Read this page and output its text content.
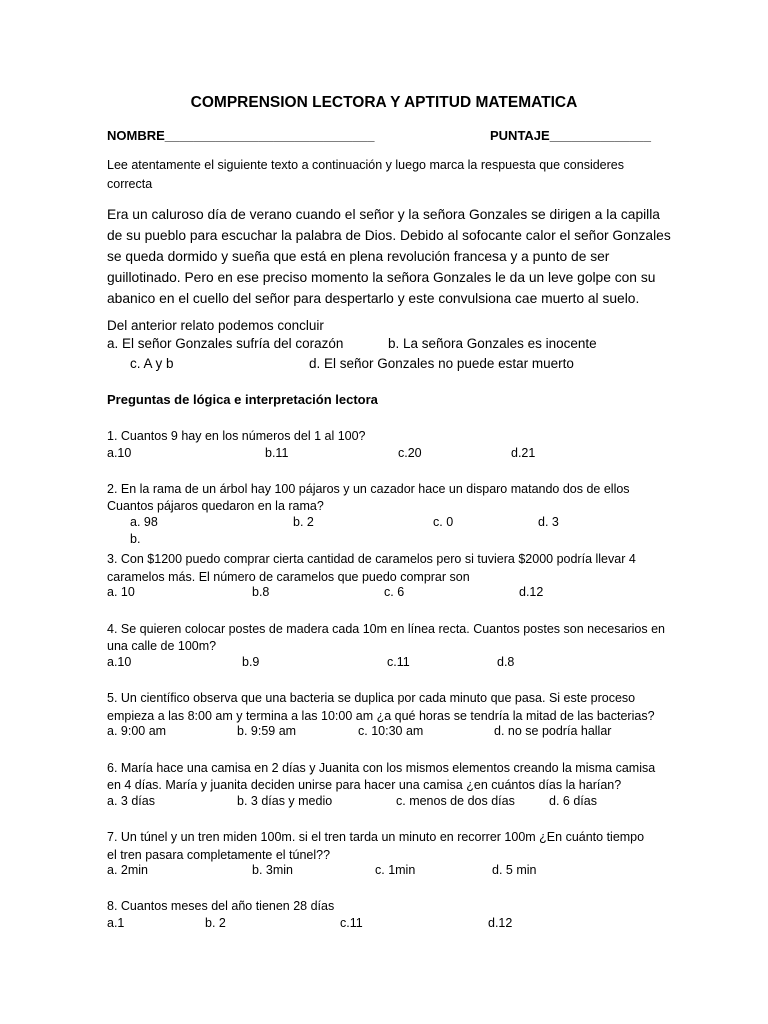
COMPRENSION LECTORA Y APTITUD MATEMATICA
NOMBRE_____________________________	PUNTAJE______________
Lee atentamente el siguiente texto a continuación y luego marca la respuesta que consideres
correcta
Era un caluroso día de verano cuando el señor y la señora Gonzales se dirigen a la capilla
de su pueblo para escuchar la palabra de Dios. Debido al sofocante calor el señor Gonzales
se queda dormido y sueña que está en plena revolución francesa y a punto de ser
guillotinado. Pero en ese preciso momento la señora Gonzales le da un leve golpe con su
abanico en el cuello del señor para despertarlo y este convulsiona cae muerto al suelo.
Del anterior relato podemos concluir
a. El señor Gonzales sufría del corazón	b. La señora Gonzales es inocente
c. A y b	d. El señor Gonzales no puede estar muerto
Preguntas de lógica e interpretación lectora
1. Cuantos 9 hay en los números del 1 al 100?
a.10	b.11	c.20	d.21
2. En la rama de un árbol hay 100 pájaros y un cazador hace un disparo matando dos de ellos
Cuantos pájaros quedaron en la rama?
a. 98	b. 2	c. 0	d. 3
b.
3. Con $1200 puedo comprar cierta cantidad de caramelos pero si tuviera $2000 podría llevar 4
caramelos más. El número de caramelos que puedo comprar son
a. 10	b.8	c. 6	d.12
4. Se quieren colocar postes de madera cada 10m en línea recta. Cuantos postes son necesarios en
una calle de 100m?
a.10	b.9	c.11	d.8
5. Un científico observa que una bacteria se duplica por cada minuto que pasa. Si este proceso
empieza a las 8:00 am y termina a las 10:00 am ¿a qué horas se tendría la mitad de las bacterias?
a. 9:00 am	b. 9:59 am	c. 10:30 am	d. no se podría hallar
6. María hace una camisa en 2 días y Juanita con los mismos elementos creando la misma camisa
en 4 días. María y juanita deciden unirse para hacer una camisa ¿en cuántos días la harían?
a. 3 días	b. 3 días y medio	c. menos de dos días	d. 6 días
7. Un túnel y un tren miden 100m. si el tren tarda un minuto en recorrer 100m ¿En cuánto tiempo
el tren pasara completamente el túnel??
a. 2min	b. 3min	c. 1min	d. 5 min
8. Cuantos meses del año tienen 28 días
a.1	b. 2	c.11	d.12
